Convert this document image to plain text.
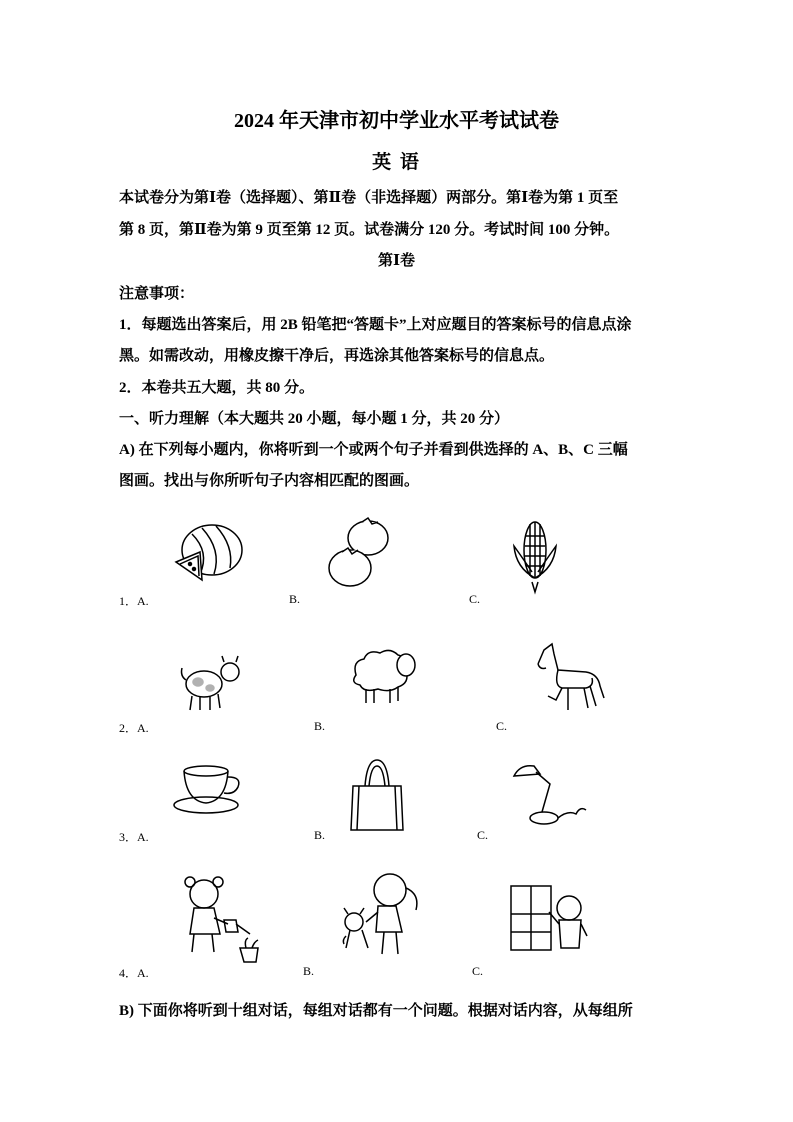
2024 年天津市初中学业水平考试试卷
英 语
本试卷分为第Ⅰ卷（选择题）、第Ⅱ卷（非选择题）两部分。第Ⅰ卷为第 1 页至
第 8 页，第Ⅱ卷为第 9 页至第 12 页。试卷满分 120 分。考试时间 100 分钟。
第Ⅰ卷
注意事项：
1．每题选出答案后，用 2B 铅笔把“答题卡”上对应题目的答案标号的信息点涂
黑。如需改动，用橡皮擦干净后，再选涂其他答案标号的信息点。
2．本卷共五大题，共 80 分。
一、听力理解（本大题共 20 小题，每小题 1 分，共 20 分）
A) 在下列每小题内，你将听到一个或两个句子并看到供选择的 A、B、C 三幅
图画。找出与你所听句子内容相匹配的图画。
1．A.	B.	C.
2．A.	B.	C.
3．A.	B.	C.
4．A.	B.	C.
B) 下面你将听到十组对话，每组对话都有一个问题。根据对话内容，从每组所
